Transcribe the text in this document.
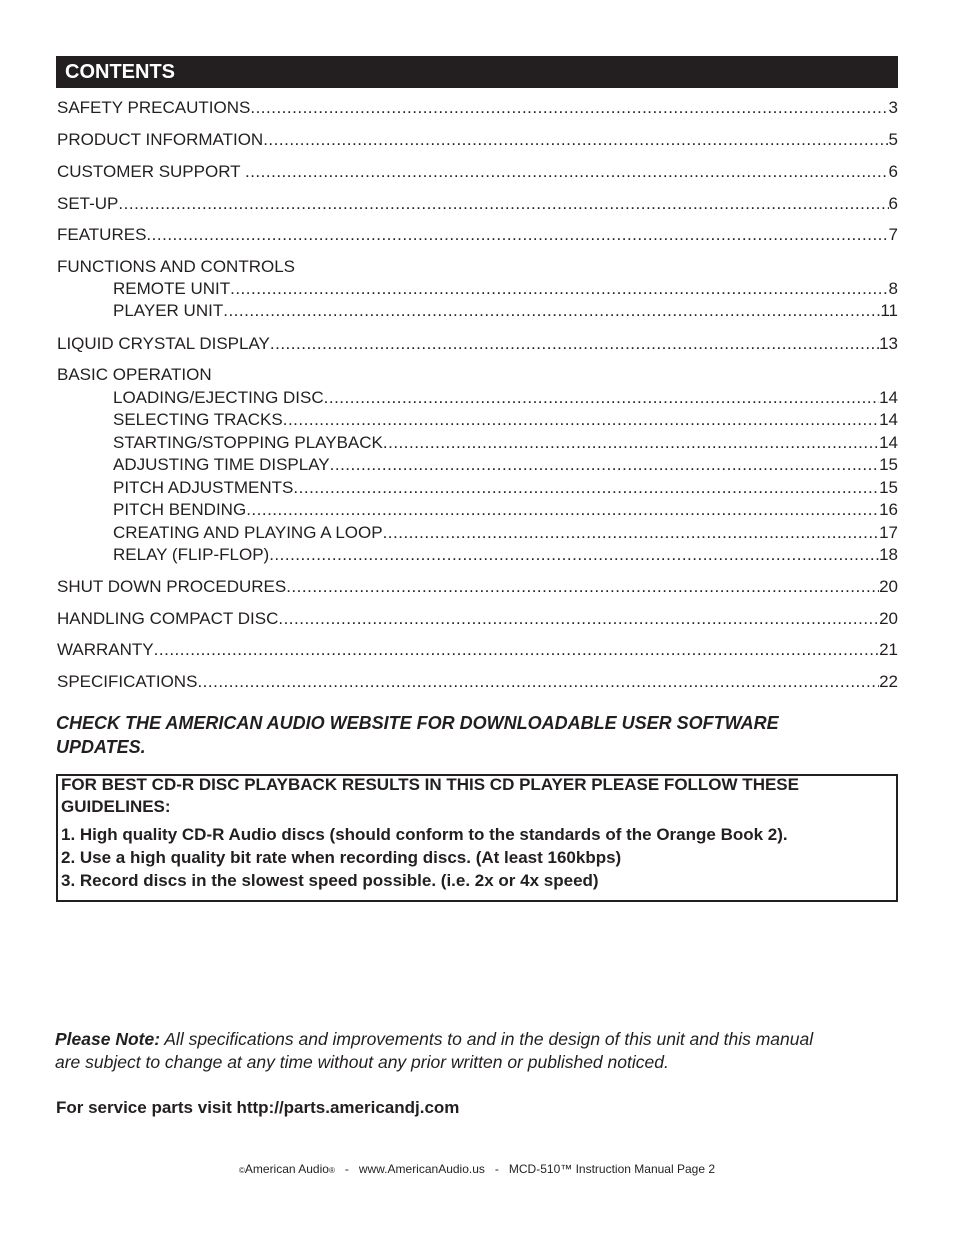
CONTENTS
SAFETY PRECAUTIONS .....	3
PRODUCT INFORMATION .....	5
CUSTOMER SUPPORT .....	6
SET-UP .....	6
FEATURES .....	7
FUNCTIONS AND CONTROLS
REMOTE UNIT .....	8
PLAYER UNIT .....	11
LIQUID CRYSTAL DISPLAY .....	13
BASIC OPERATION
LOADING/EJECTING DISC .....	14
SELECTING TRACKS .....	14
STARTING/STOPPING PLAYBACK .....	14
ADJUSTING TIME DISPLAY .....	15
PITCH ADJUSTMENTS .....	15
PITCH BENDING .....	16
CREATING AND PLAYING A LOOP .....	17
RELAY (FLIP-FLOP) .....	18
SHUT DOWN PROCEDURES .....	20
HANDLING COMPACT DISC .....	20
WARRANTY .....	21
SPECIFICATIONS .....	22
CHECK THE AMERICAN AUDIO WEBSITE FOR DOWNLOADABLE USER SOFTWARE
UPDATES.
FOR BEST CD-R DISC PLAYBACK RESULTS IN THIS CD PLAYER PLEASE FOLLOW THESE
GUIDELINES:
1. High quality CD-R Audio discs (should conform to the standards of the Orange Book 2).
2. Use a high quality bit rate when recording discs. (At least 160kbps)
3. Record discs in the slowest speed possible. (i.e. 2x or 4x speed)
Please Note: All specifications and improvements to and in the design of this unit and this manual
are subject to change at any time without any prior written or published noticed.
For service parts visit http://parts.americandj.com
©American Audio®   -   www.AmericanAudio.us   -   MCD-510™ Instruction Manual Page 2
